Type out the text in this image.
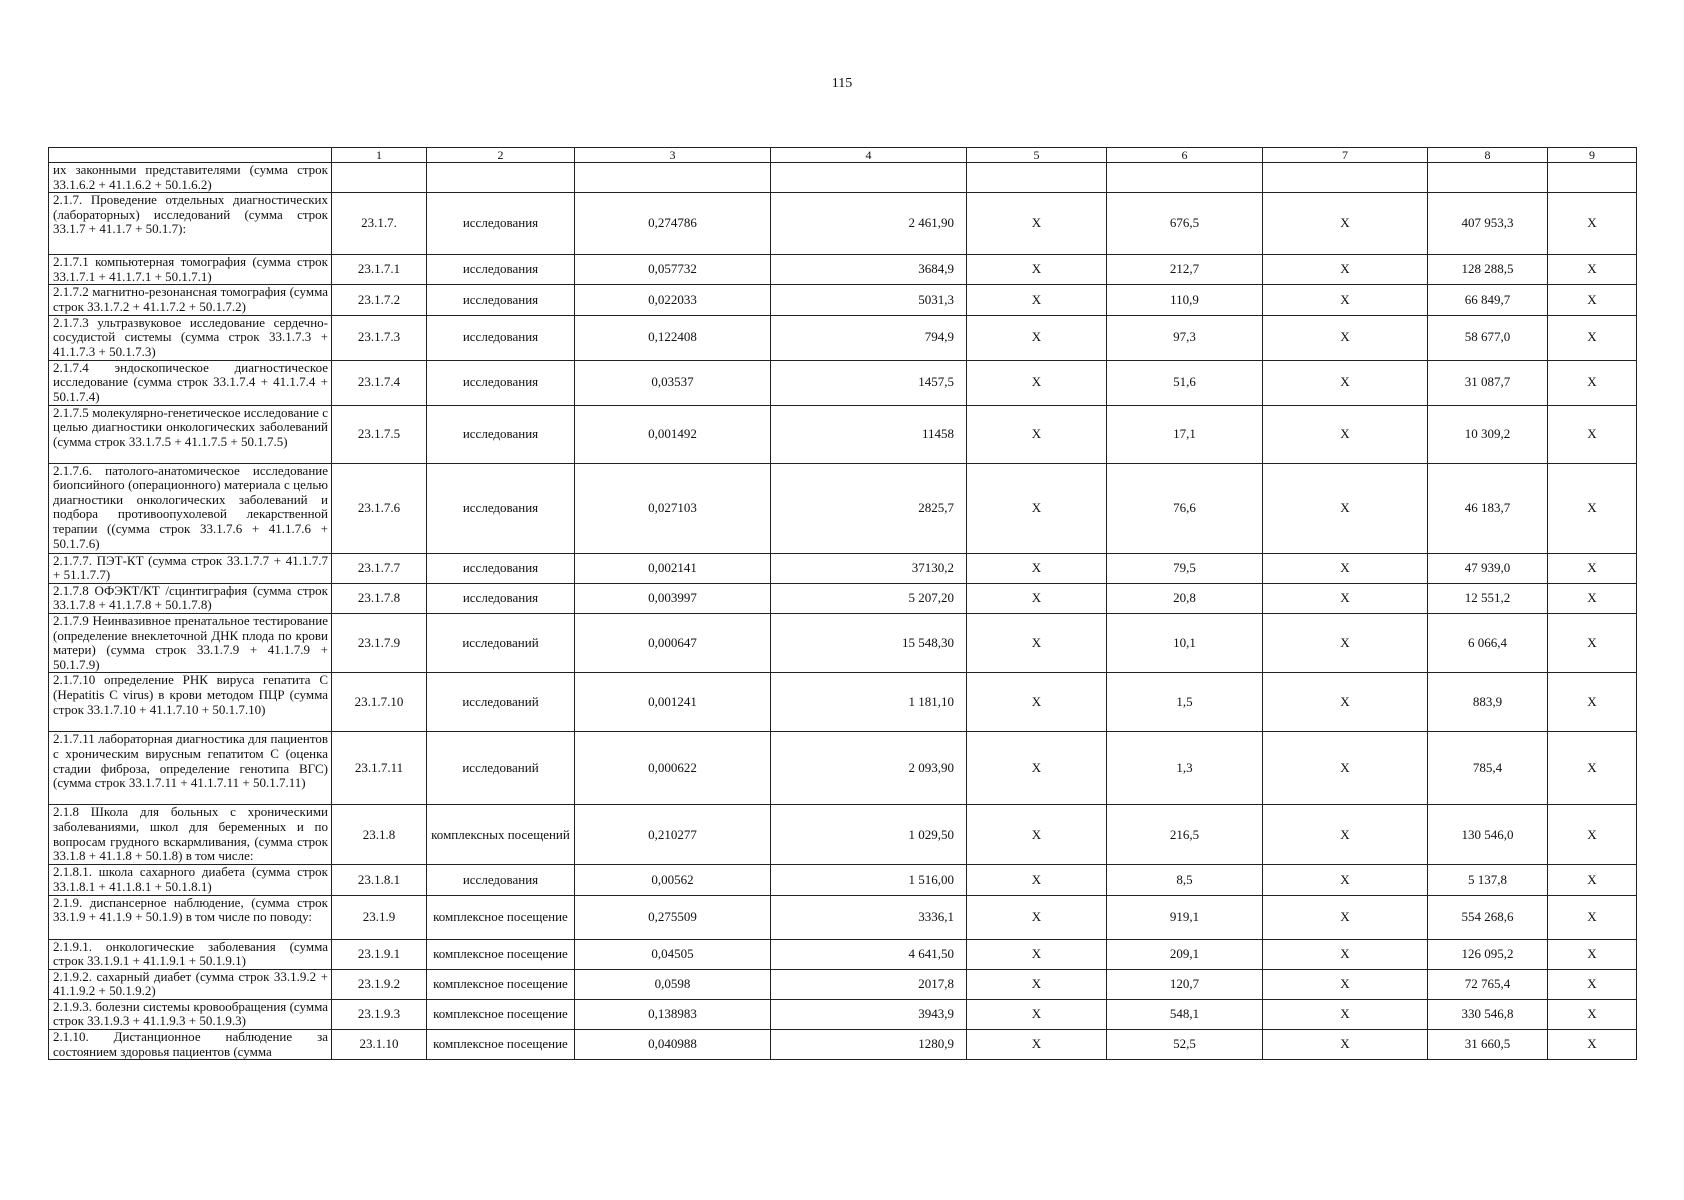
115
	1	2	3	4	5	6	7	8	9
их законными представителями (сумма строк 33.1.6.2 + 41.1.6.2 + 50.1.6.2)									
2.1.7. Проведение отдельных диагностических (лабораторных) исследований (сумма строк 33.1.7 + 41.1.7 + 50.1.7):	23.1.7.	исследования	0,274786	2 461,90	Х	676,5	Х	407 953,3	Х
2.1.7.1 компьютерная томография (сумма строк 33.1.7.1 + 41.1.7.1 + 50.1.7.1)	23.1.7.1	исследования	0,057732	3684,9	Х	212,7	Х	128 288,5	Х
2.1.7.2 магнитно-резонансная томография (сумма строк 33.1.7.2 + 41.1.7.2 + 50.1.7.2)	23.1.7.2	исследования	0,022033	5031,3	Х	110,9	Х	66 849,7	Х
2.1.7.3 ультразвуковое исследование сердечно-сосудистой системы (сумма строк 33.1.7.3 + 41.1.7.3 + 50.1.7.3)	23.1.7.3	исследования	0,122408	794,9	Х	97,3	Х	58 677,0	Х
2.1.7.4 эндоскопическое диагностическое исследование (сумма строк 33.1.7.4 + 41.1.7.4 + 50.1.7.4)	23.1.7.4	исследования	0,03537	1457,5	Х	51,6	Х	31 087,7	Х
2.1.7.5 молекулярно-генетическое исследование с целью диагностики онкологических заболеваний (сумма строк 33.1.7.5 + 41.1.7.5 + 50.1.7.5)	23.1.7.5	исследования	0,001492	11458	Х	17,1	Х	10 309,2	Х
2.1.7.6. патолого-анатомическое исследование биопсийного (операционного) материала с целью диагностики онкологических заболеваний и подбора противоопухолевой лекарственной терапии ((сумма строк 33.1.7.6 + 41.1.7.6 + 50.1.7.6)	23.1.7.6	исследования	0,027103	2825,7	Х	76,6	Х	46 183,7	Х
2.1.7.7. ПЭТ-КТ (сумма строк 33.1.7.7 + 41.1.7.7 + 51.1.7.7)	23.1.7.7	исследования	0,002141	37130,2	Х	79,5	Х	47 939,0	Х
2.1.7.8 ОФЭКТ/КТ /сцинтиграфия (сумма строк 33.1.7.8 + 41.1.7.8 + 50.1.7.8)	23.1.7.8	исследования	0,003997	5 207,20	Х	20,8	Х	12 551,2	Х
2.1.7.9 Неинвазивное пренатальное тестирование (определение внеклеточной ДНК плода по крови матери) (сумма строк 33.1.7.9 + 41.1.7.9 + 50.1.7.9)	23.1.7.9	исследований	0,000647	15 548,30	Х	10,1	Х	6 066,4	Х
2.1.7.10 определение РНК вируса гепатита С (Hepatitis C virus) в крови методом ПЦР (сумма строк 33.1.7.10 + 41.1.7.10 + 50.1.7.10)	23.1.7.10	исследований	0,001241	1 181,10	Х	1,5	Х	883,9	Х
2.1.7.11 лабораторная диагностика для пациентов с хроническим вирусным гепатитом С (оценка стадии фиброза, определение генотипа ВГС) (сумма строк 33.1.7.11 + 41.1.7.11 + 50.1.7.11)	23.1.7.11	исследований	0,000622	2 093,90	Х	1,3	Х	785,4	Х
2.1.8 Школа для больных с хроническими заболеваниями, школ для беременных и по вопросам грудного вскармливания, (сумма строк 33.1.8 + 41.1.8 + 50.1.8) в том числе:	23.1.8	комплексных посещений	0,210277	1 029,50	Х	216,5	Х	130 546,0	Х
2.1.8.1. школа сахарного диабета (сумма строк 33.1.8.1 + 41.1.8.1 + 50.1.8.1)	23.1.8.1	исследования	0,00562	1 516,00	Х	8,5	Х	5 137,8	Х
2.1.9. диспансерное наблюдение, (сумма строк 33.1.9 + 41.1.9 + 50.1.9) в том числе по поводу:	23.1.9	комплексное посещение	0,275509	3336,1	Х	919,1	Х	554 268,6	Х
2.1.9.1. онкологические заболевания (сумма строк 33.1.9.1 + 41.1.9.1 + 50.1.9.1)	23.1.9.1	комплексное посещение	0,04505	4 641,50	Х	209,1	Х	126 095,2	Х
2.1.9.2. сахарный диабет (сумма строк 33.1.9.2 + 41.1.9.2 + 50.1.9.2)	23.1.9.2	комплексное посещение	0,0598	2017,8	Х	120,7	Х	72 765,4	Х
2.1.9.3. болезни системы кровообращения (сумма строк 33.1.9.3 + 41.1.9.3 + 50.1.9.3)	23.1.9.3	комплексное посещение	0,138983	3943,9	Х	548,1	Х	330 546,8	Х
2.1.10. Дистанционное наблюдение за состоянием здоровья пациентов (сумма	23.1.10	комплексное посещение	0,040988	1280,9	Х	52,5	Х	31 660,5	Х
